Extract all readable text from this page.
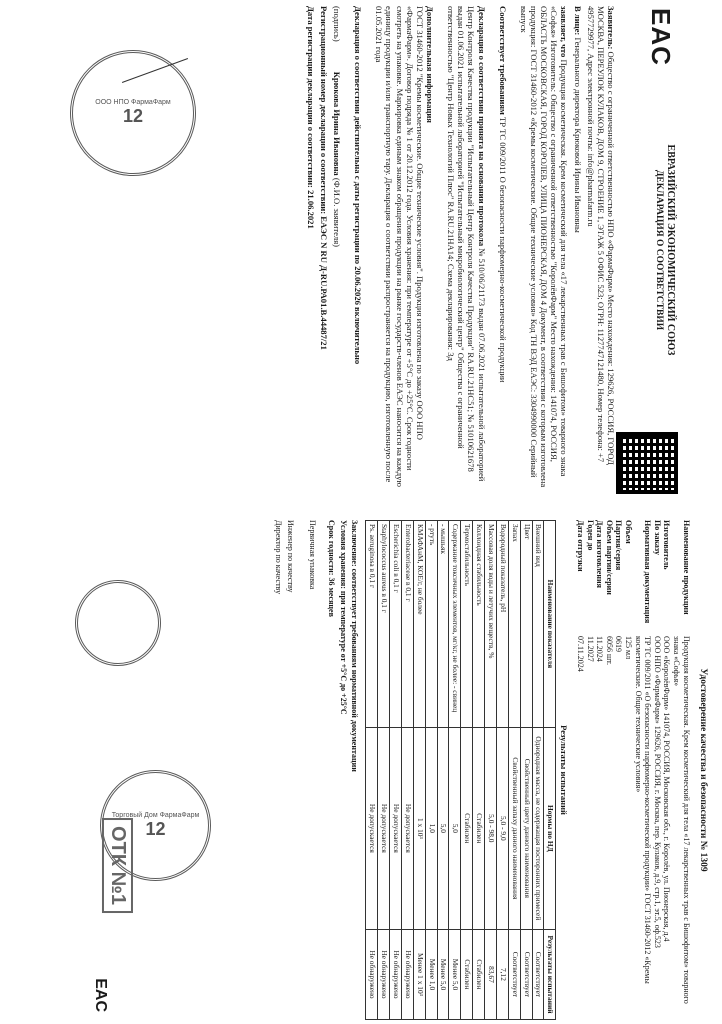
EAC
ЕВРАЗИЙСКИЙ ЭКОНОМИЧЕСКИЙ СОЮЗ
ДЕКЛАРАЦИЯ О СООТВЕТСТВИИ

Заявитель: Общество с ограниченной ответственностью НПО «ФармаФарм» Место нахождения: 129626, РОССИЯ, ГОРОД МОСКВА, ПЕРЕУЛОК КУЛАКОВ, ДОМ 9, СТРОЕНИЕ 1, ЭТАЖ 5 ОФИС 523; ОГРН: 1127747121480, Номер телефона: +7 4957729977, Адрес электронной почты: info@pharmafarm.ru

В лице: Генерального директора Крюковой Ирины Ивановны

заявляет, что Продукция косметическая. Крем косметический для тела «17 лекарственных трав с Бишофитом» товарного знака «Софья» Изготовитель: Общество с ограниченной ответственностью "КоролёвФарм" Место нахождения: 141074, РОССИЯ, ОБЛАСТЬ МОСКОВСКАЯ, ГОРОД КОРОЛЕВ, УЛИЦА ПИОНЕРСКАЯ, ДОМ 4 Документ, в соответствии с которым изготовлена продукция: ГОСТ 31460-2012 «Кремы косметические. Общие технические условия» Код ТН ВЭД ЕАЭС: 3304990000 Серийный выпуск

Соответствует требованиям ТР ТС 009/2011 О безопасности парфюмерно-косметической продукции

Декларация о соответствии принята на основании протокола № 510/06/21173 выдан 07.06.2021 испытательной лабораторией Центр Контроля Качества продукции "Испытательный Центр Контроля Качества Продукции" RA.RU.21НС51; № 51010621678 выдан 01.06.2021 испытательной лабораторией "Испытательный микробиологический центр" Общества с ограниченной ответственностью "Центр Новых Технологий Плюс" RA.RU.21НА14; Схема декларирования: 3д

Дополнительная информация
ГОСТ 31460-2012 "Кремы косметические. Общие технические условия". Продукция изготовлена по заказу ООО НПО «ФармаФарм». Договор подряда № 1 от 20.12.2012 года. Условия хранения: при температуре от +5°C до +25°C. Срок годности смотреть на упаковке. Маркировка единым знаком обращения продукции на рынке государств-членов ЕАЭС наносится на каждую единицу продукции и/или транспортную тару. Декларация о соответствии распространяется на продукцию, изготовленную после 01.05.2021 года

Декларация о соответствии действительна с даты регистрации по 20.06.2026 включительно

(подпись)              Крюкова Ирина Ивановна (Ф.И.О. заявителя)

Регистрационный номер декларации о соответствии: ЕАЭС N RU Д-RU.РА01.В.44487/21

Дата регистрации декларации о соответствии: 21.06.2021

ООО НПО ФармаФарм
12
Удостоверение качества и безопасности № 1309
Наименование продукции
Продукция косметическая. Крем косметический для тела «17 лекарственных трав с Бишофитом» товарного знака «Софья»
Изготовитель
ООО «КоролёвФарм» 141074, РОССИЯ, Московская обл., г. Королёв, ул. Пионерская, д.4
По заказу
ООО НПО «ФармаФарм» 129626, РОССИЯ, г. Москва, пер. Кулаков, д.9, стр.1, эт.5, оф.523
Нормативная документация
ТР ТС 009/2011 «О безопасности парфюмерно-косметической продукции» ГОСТ 31460-2012 «Кремы косметические. Общие технические условия»
Объем
125 мл
Партия/серия
0619
Объем партии/серии
6056 шт.
Дата изготовления
11.2024
Годен до
11.2027
Дата отгрузки
07.11.2024
Результаты испытаний
Наименование показателя	Нормы по НД	Результаты испытаний
Внешний вид	Однородная масса, не содержащая посторонних примесей	Соответствует
Цвет	Свойственный цвету данного наименования	Соответствует
Запах	Свойственный запаху данного наименования	Соответствует
Водородный показатель, pH	5,0 - 9,0	7,12
Массовая доля воды и летучих веществ, %	5,0 - 98,0	83,67
Коллоидная стабильность	Стабилен	Стабилен
Термостабильность	Стабилен	Стабилен
Содержание токсичных элементов, мг/кг, не более: - свинец	5,0	Менее 5,0
- мышьяк	5,0	Менее 5,0
- ртуть	1,0	Менее 1,0
КМАФАнМ, КОЕ/г, не более	1 х 10³	Менее 1 х 10³
Enterobacteriaceae в 0,1 г	Не допускается	Не обнаружено
Escherichia coli в 0,1 г	Не допускается	Не обнаружено
Staphylococcus aureus в 0,1 г	Не допускается	Не обнаружено
Ps. aeruginosa в 0,1 г	Не допускается	Не обнаружено

Заключение: соответствует требованиям нормативной документации

Условия хранения: при температуре от +5°C до +25°C

Срок годности: 36 месяцев

Первичная упаковка

Инженер по качеству

Директор по качеству

EAC
Торговый Дом ФармаФарм
12
ОТК №1
